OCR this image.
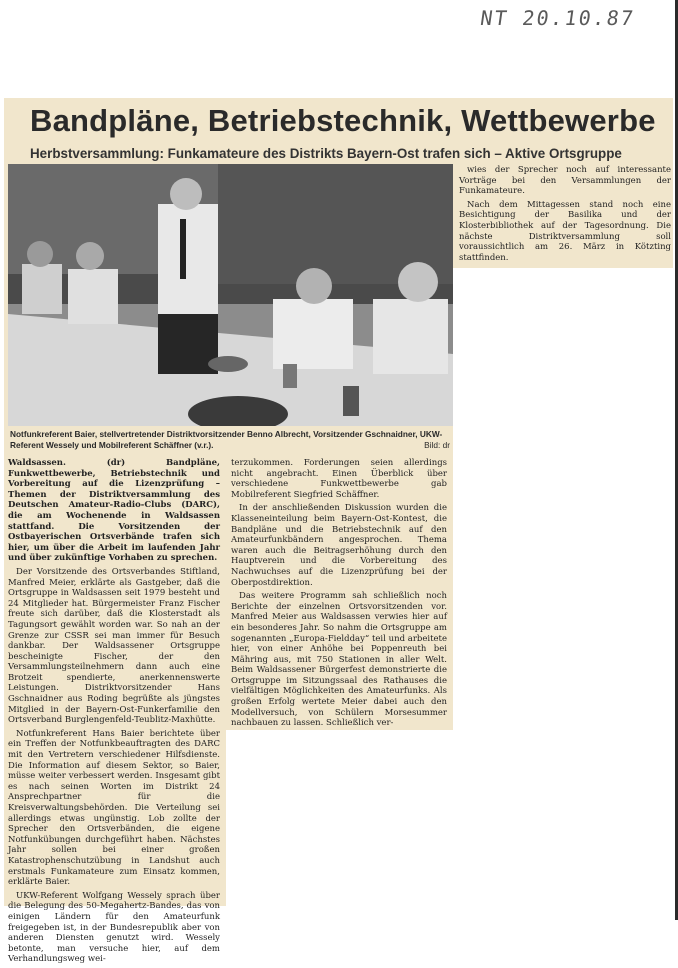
NT 20.10.87
Bandpläne, Betriebstechnik, Wettbewerbe
Herbstversammlung: Funkamateure des Distrikts Bayern-Ost trafen sich – Aktive Ortsgruppe
Notfunkreferent Baier, stellvertretender Distriktvorsitzender Benno Albrecht, Vorsitzender Gschnaidner, UKW-Referent Wessely und Mobilreferent Schäffner (v.r.).	Bild: dr

Waldsassen. (dr) Bandpläne, Funkwettbewerbe, Betriebstechnik und Vorbereitung auf die Lizenzprüfung – Themen der Distriktversammlung des Deutschen Amateur-Radio-Clubs (DARC), die am Wochenende in Waldsassen stattfand. Die Vorsitzenden der Ostbayerischen Ortsverbände trafen sich hier, um über die Arbeit im laufenden Jahr und über zukünftige Vorhaben zu sprechen.

Der Vorsitzende des Ortsverbandes Stiftland, Manfred Meier, erklärte als Gastgeber, daß die Ortsgruppe in Waldsassen seit 1979 besteht und 24 Mitglieder hat. Bürgermeister Franz Fischer freute sich darüber, daß die Klosterstadt als Tagungsort gewählt worden war. So nah an der Grenze zur CSSR sei man immer für Besuch dankbar. Der Waldsassener Ortsgruppe bescheinigte Fischer, der den Versammlungsteilnehmern dann auch eine Brotzeit spendierte, anerkennenswerte Leistungen. Distriktvorsitzender Hans Gschnaidner aus Roding begrüßte als jüngstes Mitglied in der Bayern-Ost-Funkerfamilie den Ortsverband Burglengenfeld-Teublitz-Maxhütte.

Notfunkreferent Hans Baier berichtete über ein Treffen der Notfunkbeauftragten des DARC mit den Vertretern verschiedener Hilfsdienste. Die Information auf diesem Sektor, so Baier, müsse weiter verbessert werden. Insgesamt gibt es nach seinen Worten im Distrikt 24 Ansprechpartner für die Kreisverwaltungsbehörden. Die Verteilung sei allerdings etwas ungünstig. Lob zollte der Sprecher den Ortsverbänden, die eigene Notfunkübungen durchgeführt haben. Nächstes Jahr sollen bei einer großen Katastrophenschutzübung in Landshut auch erstmals Funkamateure zum Einsatz kommen, erklärte Baier.

UKW-Referent Wolfgang Wessely sprach über die Belegung des 50-Megahertz-Bandes, das von einigen Ländern für den Amateurfunk freigegeben ist, in der Bundesrepublik aber von anderen Diensten genutzt wird. Wessely betonte, man versuche hier, auf dem Verhandlungsweg wei-

terzukommen. Forderungen seien allerdings nicht angebracht. Einen Überblick über verschiedene Funkwettbewerbe gab Mobilreferent Siegfried Schäffner.

In der anschließenden Diskussion wurden die Klasseneinteilung beim Bayern-Ost-Kontest, die Bandpläne und die Betriebstechnik auf den Amateurfunkbändern angesprochen. Thema waren auch die Beitragserhöhung durch den Hauptverein und die Vorbereitung des Nachwuchses auf die Lizenzprüfung bei der Oberpostdirektion.

Das weitere Programm sah schließlich noch Berichte der einzelnen Ortsvorsitzenden vor. Manfred Meier aus Waldsassen verwies hier auf ein besonderes Jahr. So nahm die Ortsgruppe am sogenannten „Europa-Fieldday“ teil und arbeitete hier, von einer Anhöhe bei Poppenreuth bei Mähring aus, mit 750 Stationen in aller Welt. Beim Waldsassener Bürgerfest demonstrierte die Ortsgruppe im Sitzungssaal des Rathauses die vielfältigen Möglichkeiten des Amateurfunks. Als großen Erfolg wertete Meier dabei auch den Modellversuch, von Schülern Morsesummer nachbauen zu lassen. Schließlich ver-

wies der Sprecher noch auf interessante Vorträge bei den Versammlungen der Funkamateure.

Nach dem Mittagessen stand noch eine Besichtigung der Basilika und der Klosterbibliothek auf der Tagesordnung. Die nächste Distriktversammlung soll voraussichtlich am 26. März in Kötzting stattfinden.
